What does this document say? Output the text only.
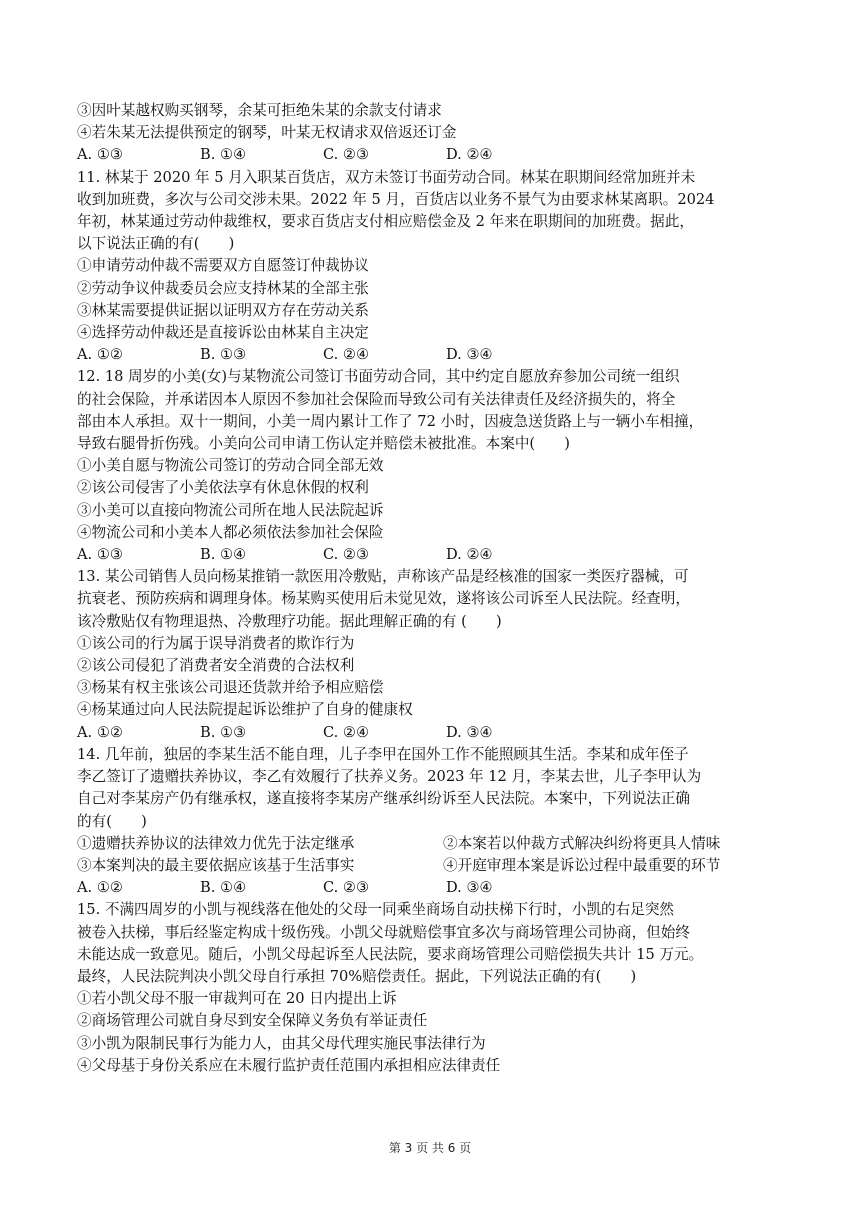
③因叶某越权购买钢琴，余某可拒绝朱某的余款支付请求
④若朱某无法提供预定的钢琴，叶某无权请求双倍返还订金
A. ①③	B. ①④	C. ②③	D. ②④
11. 林某于 2020 年 5 月入职某百货店，双方未签订书面劳动合同。林某在职期间经常加班并未
收到加班费，多次与公司交涉未果。2022 年 5 月，百货店以业务不景气为由要求林某离职。2024
年初，林某通过劳动仲裁维权，要求百货店支付相应赔偿金及 2 年来在职期间的加班费。据此，
以下说法正确的有(　　)
①申请劳动仲裁不需要双方自愿签订仲裁协议
②劳动争议仲裁委员会应支持林某的全部主张
③林某需要提供证据以证明双方存在劳动关系
④选择劳动仲裁还是直接诉讼由林某自主决定
A. ①②	B. ①③	C. ②④	D. ③④
12. 18 周岁的小美(女)与某物流公司签订书面劳动合同，其中约定自愿放弃参加公司统一组织
的社会保险，并承诺因本人原因不参加社会保险而导致公司有关法律责任及经济损失的，将全
部由本人承担。双十一期间，小美一周内累计工作了 72 小时，因疲急送货路上与一辆小车相撞，
导致右腿骨折伤残。小美向公司申请工伤认定并赔偿未被批准。本案中(　　)
①小美自愿与物流公司签订的劳动合同全部无效
②该公司侵害了小美依法享有休息休假的权利
③小美可以直接向物流公司所在地人民法院起诉
④物流公司和小美本人都必须依法参加社会保险
A. ①③	B. ①④	C. ②③	D. ②④
13. 某公司销售人员向杨某推销一款医用冷敷贴，声称该产品是经核准的国家一类医疗器械，可
抗衰老、预防疾病和调理身体。杨某购买使用后未觉见效，遂将该公司诉至人民法院。经查明，
该冷敷贴仅有物理退热、冷敷理疗功能。据此理解正确的有 (　　)
①该公司的行为属于误导消费者的欺诈行为
②该公司侵犯了消费者安全消费的合法权利
③杨某有权主张该公司退还货款并给予相应赔偿
④杨某通过向人民法院提起诉讼维护了自身的健康权
A. ①②	B. ①③	C. ②④	D. ③④
14. 几年前，独居的李某生活不能自理，儿子李甲在国外工作不能照顾其生活。李某和成年侄子
李乙签订了遗赠扶养协议，李乙有效履行了扶养义务。2023 年 12 月，李某去世，儿子李甲认为
自己对李某房产仍有继承权，遂直接将李某房产继承纠纷诉至人民法院。本案中，下列说法正确
的有(　　)
①遗赠扶养协议的法律效力优先于法定继承	②本案若以仲裁方式解决纠纷将更具人情味
③本案判决的最主要依据应该基于生活事实	④开庭审理本案是诉讼过程中最重要的环节
A. ①②	B. ①④	C. ②③	D. ③④
15. 不满四周岁的小凯与视线落在他处的父母一同乘坐商场自动扶梯下行时，小凯的右足突然
被卷入扶梯，事后经鉴定构成十级伤残。小凯父母就赔偿事宜多次与商场管理公司协商，但始终
未能达成一致意见。随后，小凯父母起诉至人民法院，要求商场管理公司赔偿损失共计 15 万元。
最终，人民法院判决小凯父母自行承担 70%赔偿责任。据此，下列说法正确的有(　　)
①若小凯父母不服一审裁判可在 20 日内提出上诉
②商场管理公司就自身尽到安全保障义务负有举证责任
③小凯为限制民事行为能力人，由其父母代理实施民事法律行为
④父母基于身份关系应在未履行监护责任范围内承担相应法律责任
第 3 页 共 6 页
